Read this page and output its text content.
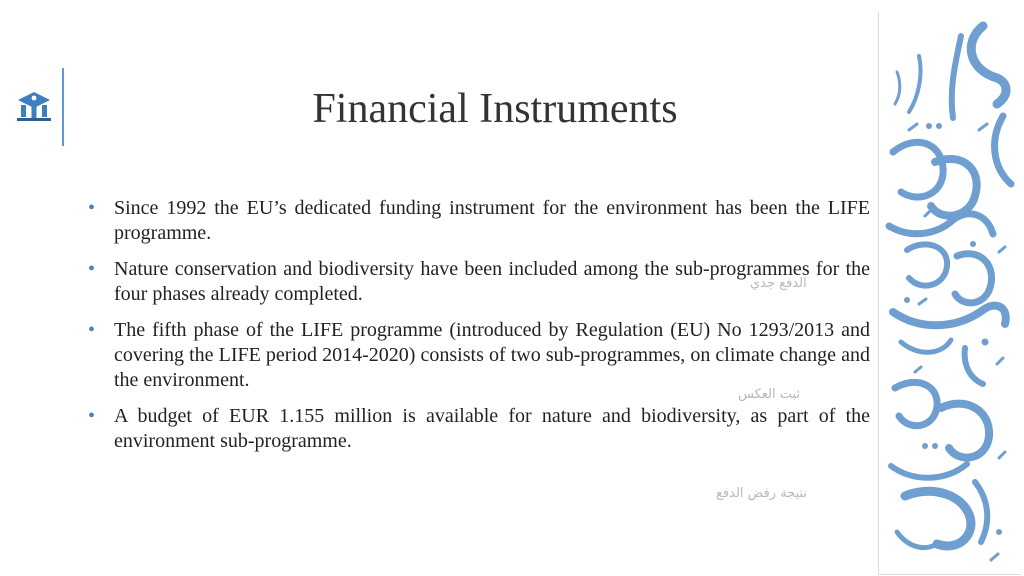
Financial Instruments
• Since 1992 the EU’s dedicated funding instrument for the environment has been the LIFE programme.
• Nature conservation and biodiversity have been included among the sub-programmes for the four phases already completed.
• The fifth phase of the LIFE programme (introduced by Regulation (EU) No 1293/2013 and covering the LIFE period 2014-2020) consists of two sub-programmes, on climate change and the environment.
• A budget of EUR 1.155 million is available for nature and biodiversity, as part of the environment sub-programme.
الدفع جدي
ثبت العكس
نتيجة رفض الدفع
